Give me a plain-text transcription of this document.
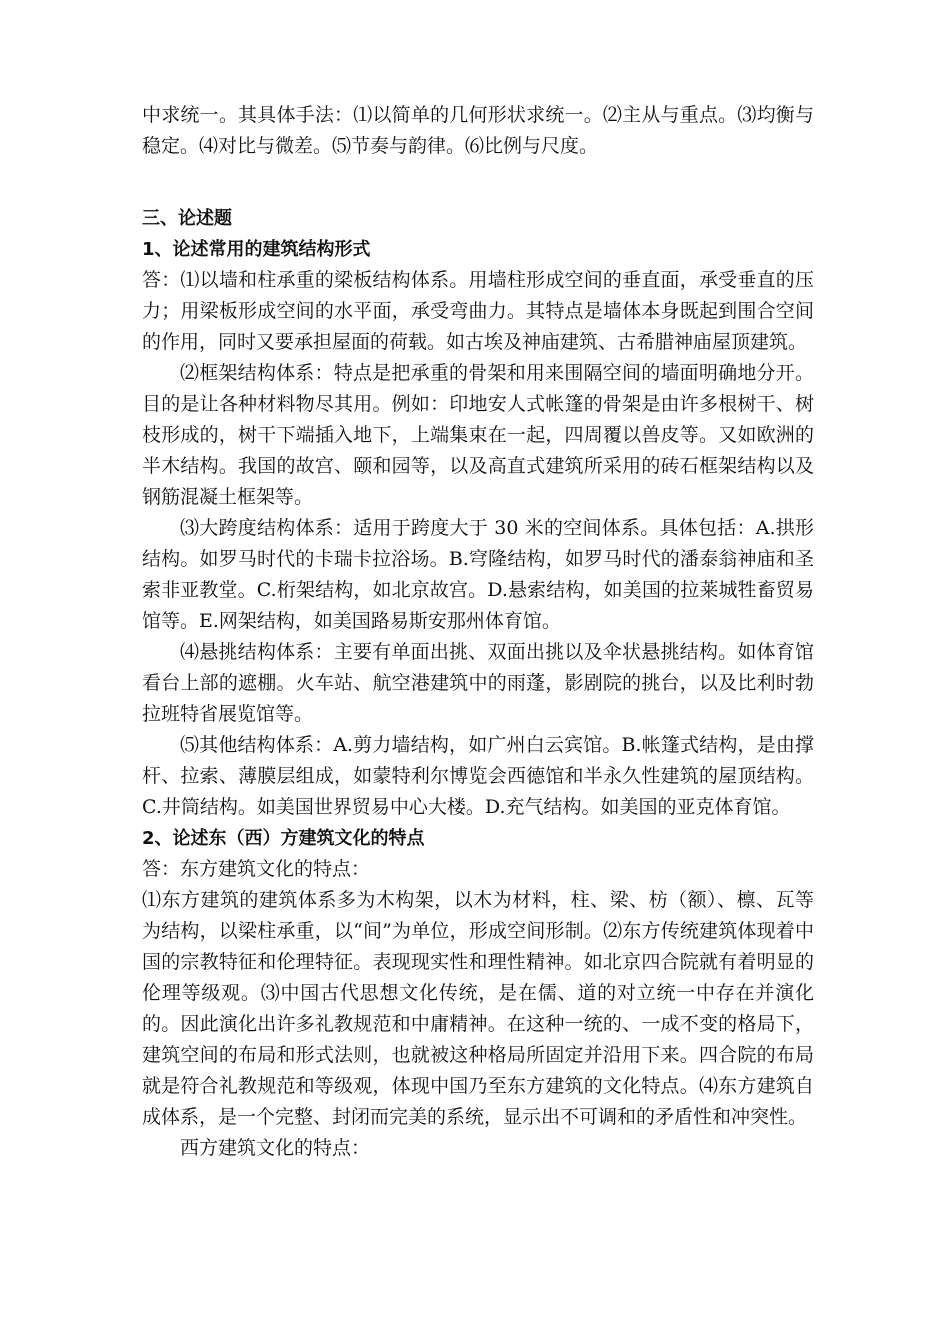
中求统一。其具体手法：⑴以简单的几何形状求统一。⑵主从与重点。⑶均衡与稳定。⑷对比与微差。⑸节奏与韵律。⑹比例与尺度。

三、论述题
1、论述常用的建筑结构形式

答：⑴以墙和柱承重的梁板结构体系。用墙柱形成空间的垂直面，承受垂直的压力；用梁板形成空间的水平面，承受弯曲力。其特点是墙体本身既起到围合空间的作用，同时又要承担屋面的荷载。如古埃及神庙建筑、古希腊神庙屋顶建筑。

⑵框架结构体系：特点是把承重的骨架和用来围隔空间的墙面明确地分开。目的是让各种材料物尽其用。例如：印地安人式帐篷的骨架是由许多根树干、树枝形成的，树干下端插入地下，上端集束在一起，四周覆以兽皮等。又如欧洲的半木结构。我国的故宫、颐和园等，以及高直式建筑所采用的砖石框架结构以及钢筋混凝土框架等。

⑶大跨度结构体系：适用于跨度大于 30 米的空间体系。具体包括：A.拱形结构。如罗马时代的卡瑞卡拉浴场。B.穹隆结构，如罗马时代的潘泰翁神庙和圣索非亚教堂。C.桁架结构，如北京故宫。D.悬索结构，如美国的拉莱城牲畜贸易馆等。E.网架结构，如美国路易斯安那州体育馆。

⑷悬挑结构体系：主要有单面出挑、双面出挑以及伞状悬挑结构。如体育馆看台上部的遮棚。火车站、航空港建筑中的雨蓬，影剧院的挑台，以及比利时勃拉班特省展览馆等。

⑸其他结构体系：A.剪力墙结构，如广州白云宾馆。B.帐篷式结构，是由撑杆、拉索、薄膜层组成，如蒙特利尔博览会西德馆和半永久性建筑的屋顶结构。C.井筒结构。如美国世界贸易中心大楼。D.充气结构。如美国的亚克体育馆。

2、论述东（西）方建筑文化的特点

答：东方建筑文化的特点：

⑴东方建筑的建筑体系多为木构架，以木为材料，柱、梁、枋（额）、檩、瓦等为结构，以梁柱承重，以“间”为单位，形成空间形制。⑵东方传统建筑体现着中国的宗教特征和伦理特征。表现现实性和理性精神。如北京四合院就有着明显的伦理等级观。⑶中国古代思想文化传统，是在儒、道的对立统一中存在并演化的。因此演化出许多礼教规范和中庸精神。在这种一统的、一成不变的格局下，建筑空间的布局和形式法则，也就被这种格局所固定并沿用下来。四合院的布局就是符合礼教规范和等级观，体现中国乃至东方建筑的文化特点。⑷东方建筑自成体系，是一个完整、封闭而完美的系统，显示出不可调和的矛盾性和冲突性。

西方建筑文化的特点：
